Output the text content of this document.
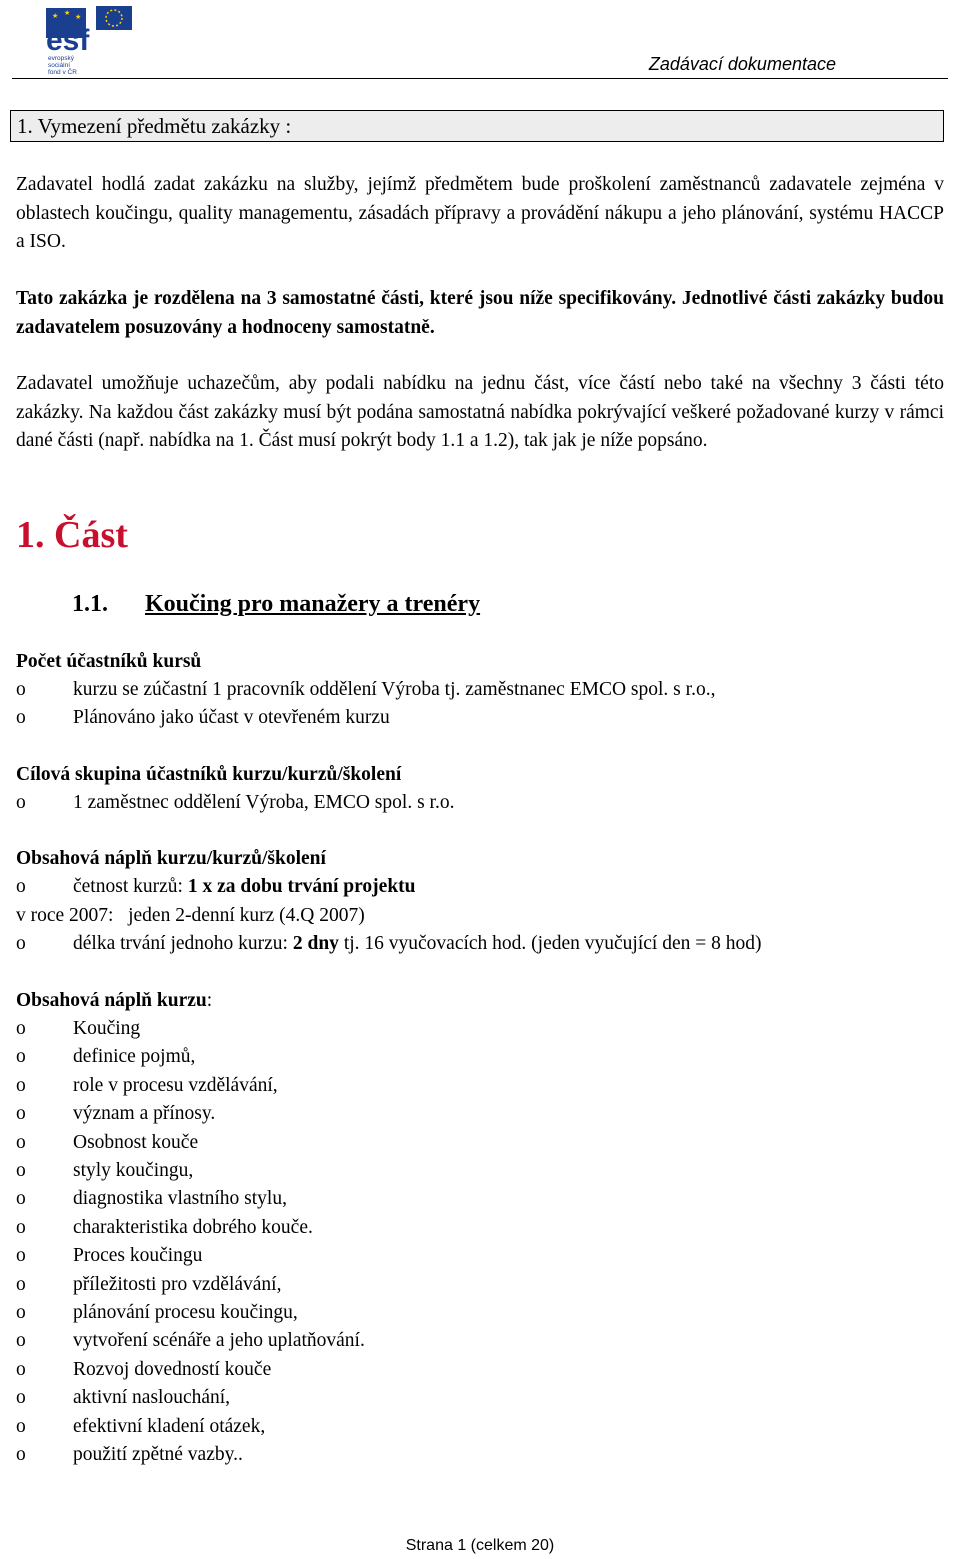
★ ★ ★
esf
evropský
sociální
fond v ČR	Zadávací dokumentace
1. Vymezení předmětu zakázky :
Zadavatel hodlá zadat zakázku na služby, jejímž předmětem bude proškolení zaměstnanců zadavatele zejména v oblastech koučingu, quality managementu, zásadách přípravy a provádění nákupu a jeho plánování, systému HACCP a ISO.
Tato zakázka je rozdělena na 3 samostatné části, které jsou níže specifikovány. Jednotlivé části zakázky budou zadavatelem posuzovány a hodnoceny samostatně.
Zadavatel umožňuje uchazečům, aby podali nabídku na jednu část, více částí nebo také na všechny 3 části této zakázky. Na každou část zakázky musí být podána samostatná nabídka pokrývající veškeré požadované kurzy v rámci dané části (např. nabídka na 1. Část musí pokrýt body 1.1 a 1.2), tak jak je níže popsáno.
1. Část
1.1. Koučing pro manažery a trenéry
Počet účastníků kursů
o kurzu se zúčastní 1 pracovník oddělení Výroba tj. zaměstnanec EMCO spol. s r.o.,
o Plánováno jako účast v otevřeném kurzu
Cílová skupina účastníků kurzu/kurzů/školení
o 1 zaměstnec oddělení Výroba, EMCO spol. s r.o.
Obsahová náplň kurzu/kurzů/školení
o četnost kurzů: 1 x za dobu trvání projektu
v roce 2007:   jeden 2-denní kurz (4.Q 2007)
o délka trvání jednoho kurzu: 2 dny tj. 16 vyučovacích hod. (jeden vyučující den = 8 hod)
Obsahová náplň kurzu:
o Koučing
o definice pojmů,
o role v procesu vzdělávání,
o význam a přínosy.
o Osobnost kouče
o styly koučingu,
o diagnostika vlastního stylu,
o charakteristika dobrého kouče.
o Proces koučingu
o příležitosti pro vzdělávání,
o plánování procesu koučingu,
o vytvoření scénáře a jeho uplatňování.
o Rozvoj dovedností kouče
o aktivní naslouchání,
o efektivní kladení otázek,
o použití zpětné vazby..
Strana 1 (celkem 20)
